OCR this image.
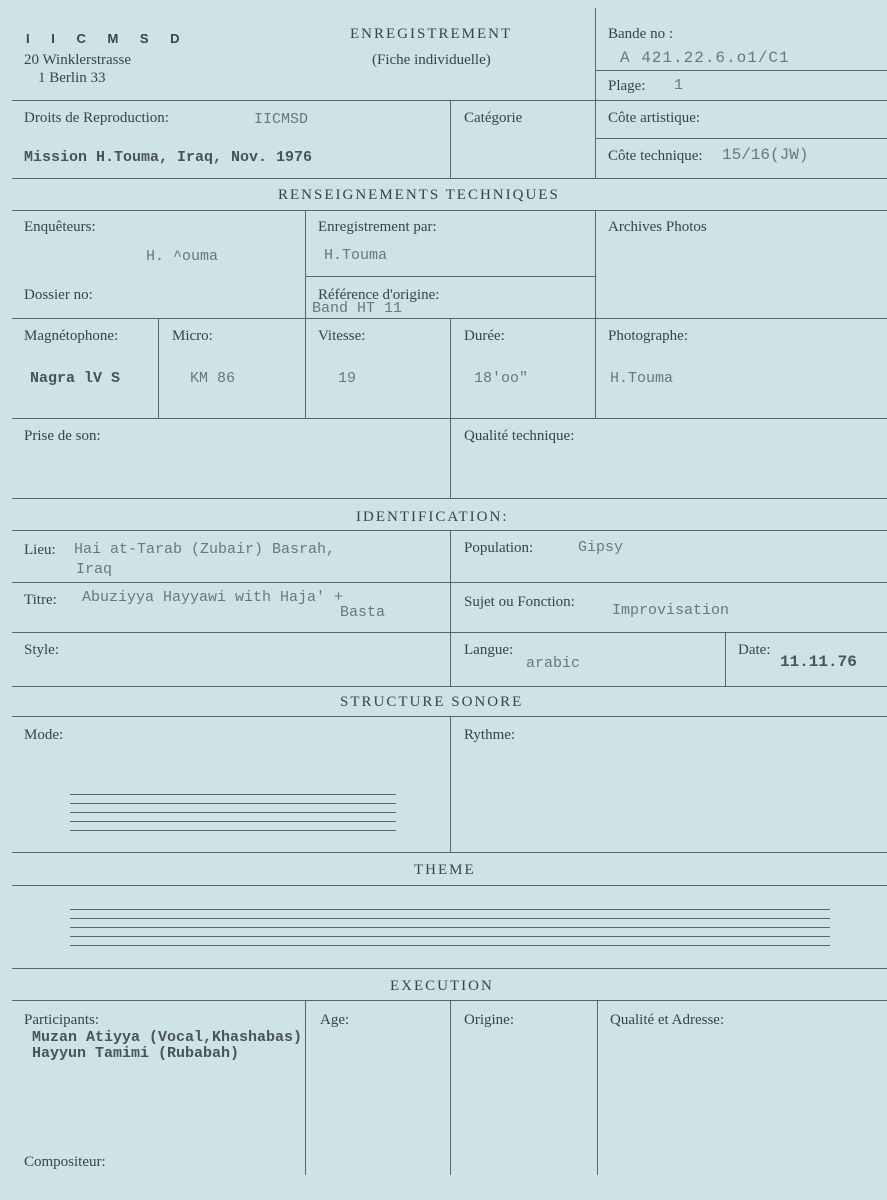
I I C M S D
20 Winklerstrasse
1 Berlin 33
ENREGISTREMENT
(Fiche individuelle)
Bande no :
A 421.22.6.o1/C1
Plage: 1
Droits de Reproduction:	IICMSD
Mission H.Touma, Iraq, Nov. 1976
Catégorie	Côte artistique:
Côte technique: 15/16(JW)
RENSEIGNEMENTS TECHNIQUES
Enquêteurs:
H. ^ouma
Enregistrement par:
H.Touma
Archives Photos
Dossier no:	Référence d'origine:
Band HT 11
Magnétophone:
Nagra lV S
Micro:
KM 86
Vitesse:
19
Durée:
18'oo"
Photographe:
H.Touma
Prise de son:	Qualité technique:
IDENTIFICATION:
Lieu: Hai at-Tarab (Zubair) Basrah,
Iraq
Population:	Gipsy
Titre: Abuziyya Hayyawi with Haja' +
Basta
Sujet ou Fonction: Improvisation
Style:	Langue:
arabic
Date:
11.11.76
STRUCTURE SONORE
Mode:	Rythme:
THEME
EXECUTION
Participants:
Muzan Atiyya (Vocal,Khashabas)
Hayyun Tamimi (Rubabah)
Age:	Origine:	Qualité et Adresse:
Compositeur:
